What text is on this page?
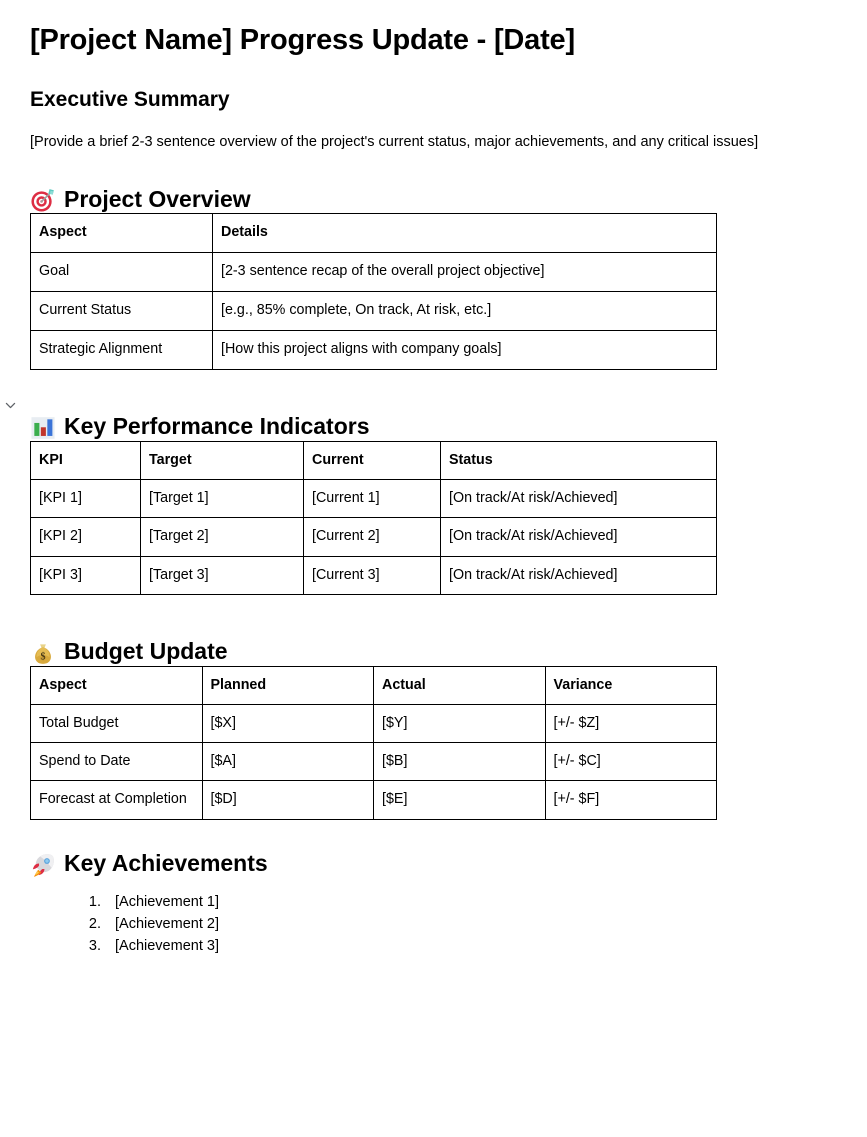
[Project Name] Progress Update - [Date]
Executive Summary

[Provide a brief 2-3 sentence overview of the project's current status, major achievements, and any critical issues]

Project Overview
Aspect	Details
Goal	[2-3 sentence recap of the overall project objective]
Current Status	[e.g., 85% complete, On track, At risk, etc.]
Strategic Alignment	[How this project aligns with company goals]
Key Performance Indicators
KPI	Target	Current	Status
[KPI 1]	[Target 1]	[Current 1]	[On track/At risk/Achieved]
[KPI 2]	[Target 2]	[Current 2]	[On track/At risk/Achieved]
[KPI 3]	[Target 3]	[Current 3]	[On track/At risk/Achieved]
$ Budget Update
Aspect	Planned	Actual	Variance
Total Budget	[$X]	[$Y]	[+/- $Z]
Spend to Date	[$A]	[$B]	[+/- $C]
Forecast at Completion	[$D]	[$E]	[+/- $F]
Key Achievements
1. [Achievement 1]
2. [Achievement 2]
3. [Achievement 3]
